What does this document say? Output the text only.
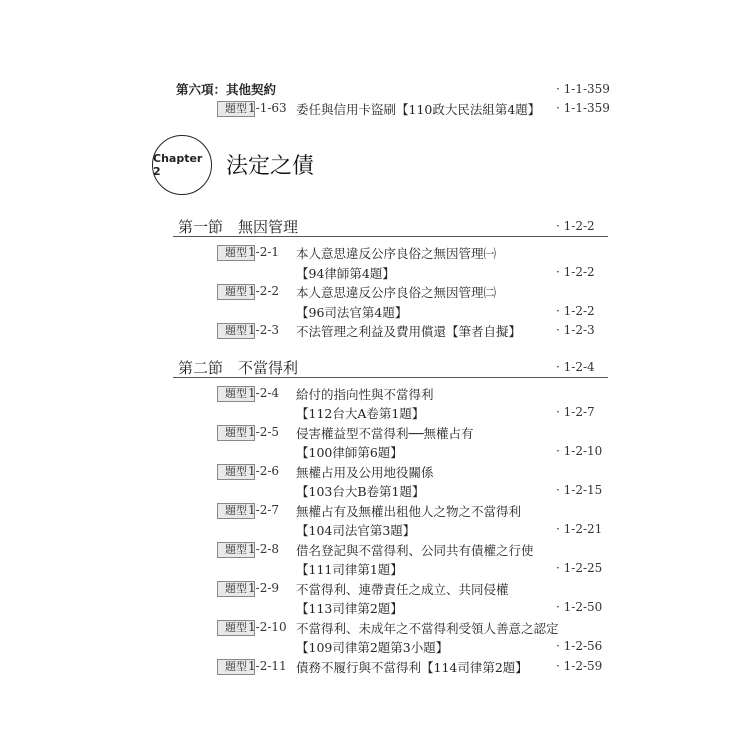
第六項：其他契約	· 1-1-359
題型 1-1-63 委任與信用卡盜刷【110政大民法組第4題】 · 1-1-359
Chapter 2	法定之債
第一節　無因管理	· 1-2-2
題型 1-2-1 本人意思違反公序良俗之無因管理㈠
【94律師第4題】	· 1-2-2
題型 1-2-2 本人意思違反公序良俗之無因管理㈡
【96司法官第4題】	· 1-2-2
題型 1-2-3 不法管理之利益及費用償還【筆者自擬】	· 1-2-3
第二節　不當得利	· 1-2-4
題型 1-2-4 給付的指向性與不當得利
【112台大A卷第1題】	· 1-2-7
題型 1-2-5 侵害權益型不當得利──無權占有
【100律師第6題】	· 1-2-10
題型 1-2-6 無權占用及公用地役關係
【103台大B卷第1題】	· 1-2-15
題型 1-2-7 無權占有及無權出租他人之物之不當得利
【104司法官第3題】	· 1-2-21
題型 1-2-8 借名登記與不當得利、公同共有債權之行使
【111司律第1題】	· 1-2-25
題型 1-2-9 不當得利、連帶責任之成立、共同侵權
【113司律第2題】	· 1-2-50
題型 1-2-10 不當得利、未成年之不當得利受領人善意之認定
【109司律第2題第3小題】	· 1-2-56
題型 1-2-11 債務不履行與不當得利【114司律第2題】 · 1-2-59
